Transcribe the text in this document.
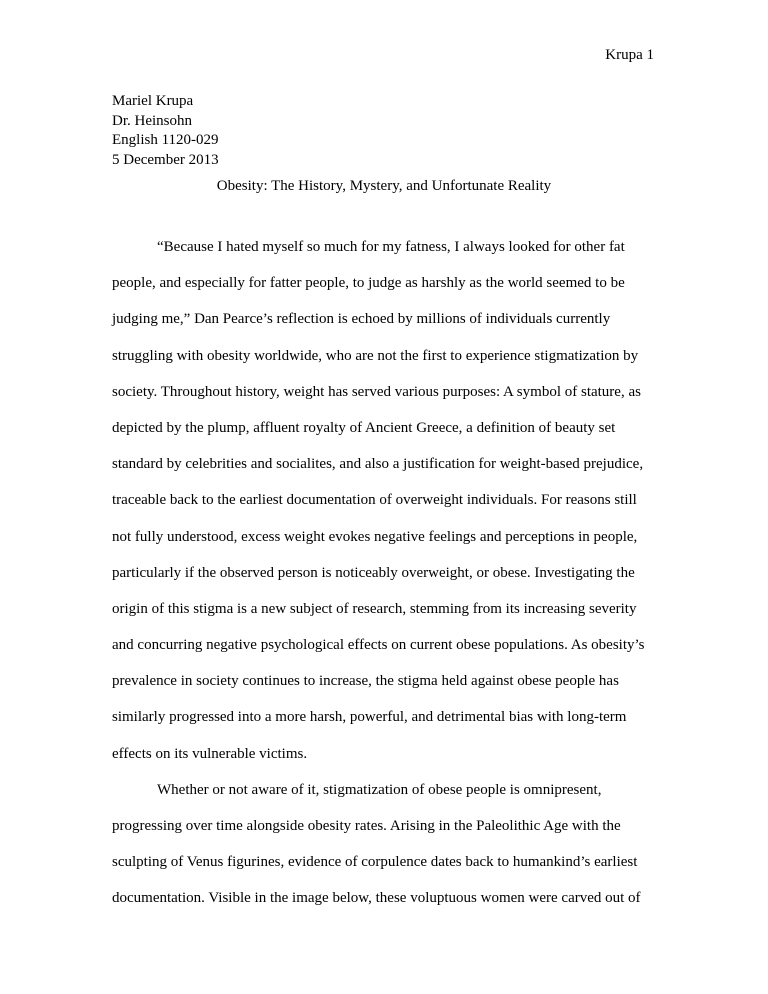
Krupa 1
Mariel Krupa
Dr. Heinsohn
English 1120-029
5 December 2013
Obesity: The History, Mystery, and Unfortunate Reality
“Because I hated myself so much for my fatness, I always looked for other fat
people, and especially for fatter people, to judge as harshly as the world seemed to be
judging me,” Dan Pearce’s reflection is echoed by millions of individuals currently
struggling with obesity worldwide, who are not the first to experience stigmatization by
society. Throughout history, weight has served various purposes: A symbol of stature, as
depicted by the plump, affluent royalty of Ancient Greece, a definition of beauty set
standard by celebrities and socialites, and also a justification for weight-based prejudice,
traceable back to the earliest documentation of overweight individuals. For reasons still
not fully understood, excess weight evokes negative feelings and perceptions in people,
particularly if the observed person is noticeably overweight, or obese. Investigating the
origin of this stigma is a new subject of research, stemming from its increasing severity
and concurring negative psychological effects on current obese populations. As obesity’s
prevalence in society continues to increase, the stigma held against obese people has
similarly progressed into a more harsh, powerful, and detrimental bias with long-term
effects on its vulnerable victims.
Whether or not aware of it, stigmatization of obese people is omnipresent,
progressing over time alongside obesity rates. Arising in the Paleolithic Age with the
sculpting of Venus figurines, evidence of corpulence dates back to humankind’s earliest
documentation. Visible in the image below, these voluptuous women were carved out of
